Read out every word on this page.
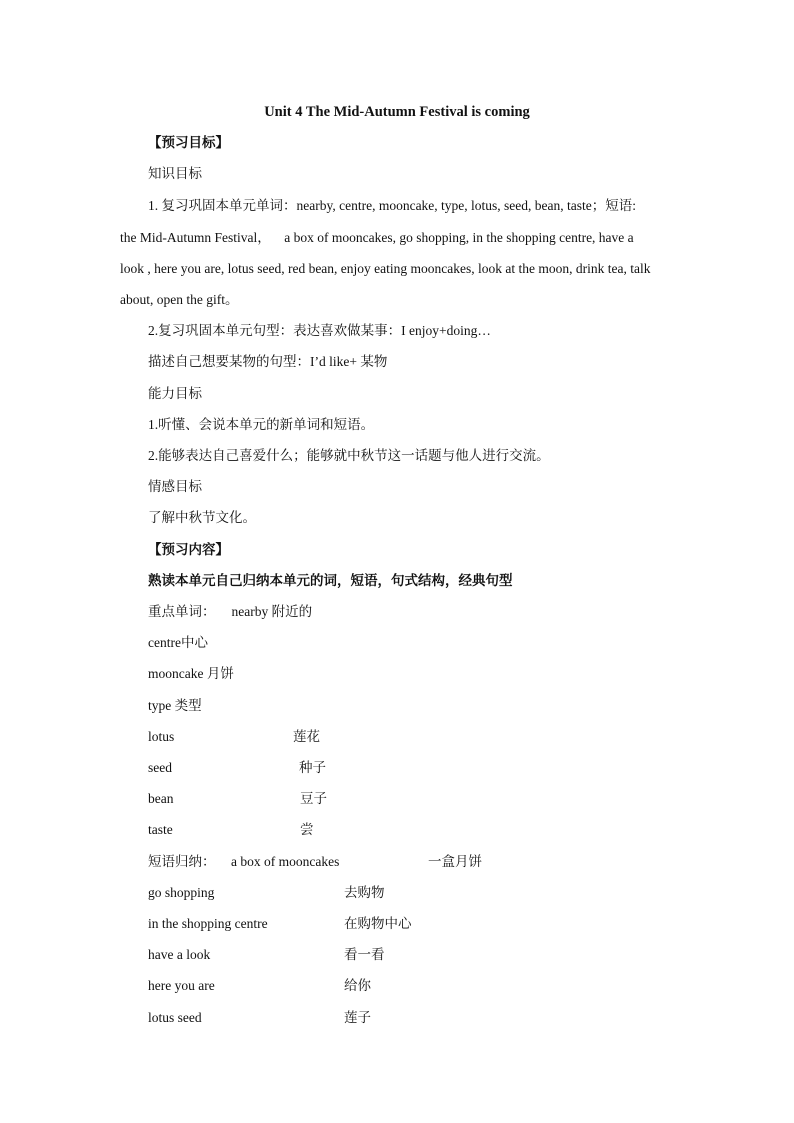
Unit 4 The Mid-Autumn Festival is coming
【预习目标】
知识目标
1. 复习巩固本单元单词：nearby, centre, mooncake, type, lotus, seed, bean, taste；短语:
the Mid-Autumn Festival，    a box of mooncakes, go shopping, in the shopping centre, have a
look , here you are, lotus seed, red bean, enjoy eating mooncakes, look at the moon, drink tea, talk
about, open the gift。
2.复习巩固本单元句型：表达喜欢做某事：I enjoy+doing…
描述自己想要某物的句型：I’d like+ 某物
能力目标
1.听懂、会说本单元的新单词和短语。
2.能够表达自己喜爱什么；能够就中秋节这一话题与他人进行交流。
情感目标
了解中秋节文化。
【预习内容】
熟读本单元自己归纳本单元的词，短语，句式结构，经典句型
重点单词： nearby 附近的
centre中心
mooncake 月饼
type 类型
lotus	莲花
seed	种子
bean	豆子
taste	尝
短语归纳： a box of mooncakes	一盒月饼
go shopping	去购物
in the shopping centre	在购物中心
have a look	看一看
here you are	给你
lotus seed	莲子
